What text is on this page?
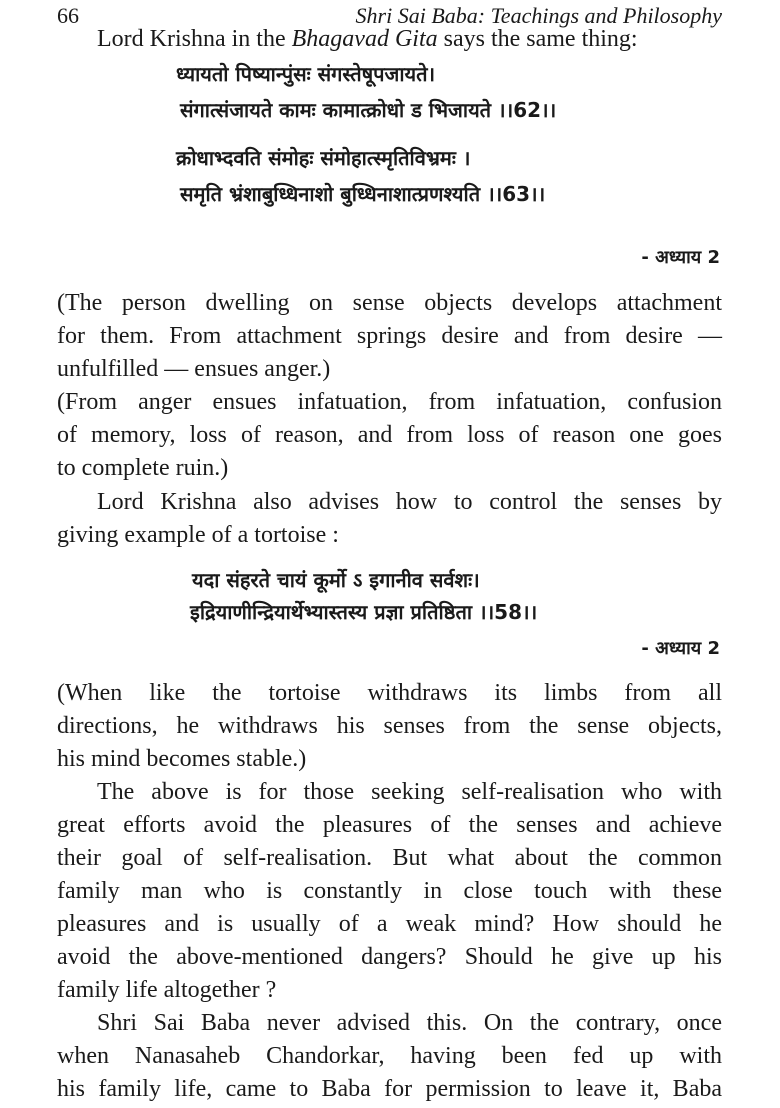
66	Shri Sai Baba: Teachings and Philosophy
Lord Krishna in the Bhagavad Gita says the same thing:
ध्यायतो पिष्यान्पुंसः संगस्तेषूपजायते।
संगात्संजायते कामः कामात्क्रोधो ड भिजायते ।।62।।
क्रोधाभ्दवति संमोहः संमोहात्स्मृतिविभ्रमः ।
समृति भ्रंशाबुध्धिनाशो बुध्धिनाशात्प्रणश्यति ।।63।।
- अध्याय 2
(The person dwelling on sense objects develops attachment
for them. From attachment springs desire and from desire —
unfulfilled — ensues anger.)
(From anger ensues infatuation, from infatuation, confusion
of memory, loss of reason, and from loss of reason one goes
to complete ruin.)
Lord Krishna also advises how to control the senses by
giving example of a tortoise :
यदा संहरते चायं कूर्मो ऽ इगानीव सर्वशः।
इद्रियाणीन्द्रियार्थेभ्यास्तस्य प्रज्ञा प्रतिष्ठिता ।।58।।
- अध्याय 2
(When like the tortoise withdraws its limbs from all
directions, he withdraws his senses from the sense objects,
his mind becomes stable.)
The above is for those seeking self-realisation who with
great efforts avoid the pleasures of the senses and achieve
their goal of self-realisation. But what about the common
family man who is constantly in close touch with these
pleasures and is usually of a weak mind? How should he
avoid the above-mentioned dangers? Should he give up his
family life altogether ?
Shri Sai Baba never advised this. On the contrary, once
when Nanasaheb Chandorkar, having been fed up with
his family life, came to Baba for permission to leave it, Baba
